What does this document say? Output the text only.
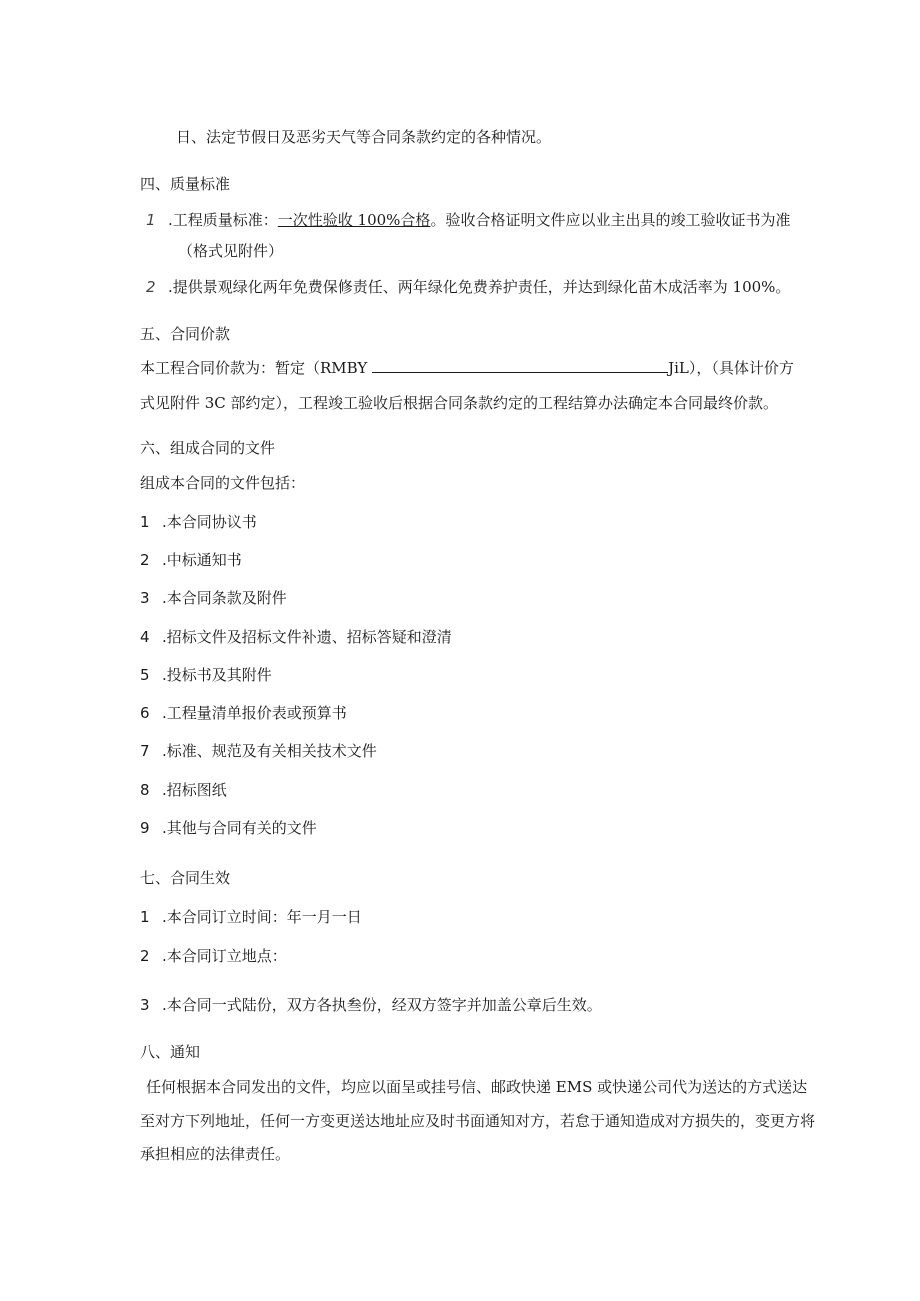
日、法定节假日及恶劣天气等合同条款约定的各种情况。
四、质量标准
1 .工程质量标准：一次性验收 100%合格。验收合格证明文件应以业主出具的竣工验收证书为准
（格式见附件）
2 .提供景观绿化两年免费保修责任、两年绿化免费养护责任，并达到绿化苗木成活率为 100%。
五、合同价款
本工程合同价款为：暂定（RMBY	JiL），（具体计价方
式见附件 3C 部约定），工程竣工验收后根据合同条款约定的工程结算办法确定本合同最终价款。
六、组成合同的文件
组成本合同的文件包括：
1 .本合同协议书
2 .中标通知书
3 .本合同条款及附件
4 .招标文件及招标文件补遗、招标答疑和澄清
5 .投标书及其附件
6 .工程量清单报价表或预算书
7 .标准、规范及有关相关技术文件
8 .招标图纸
9 .其他与合同有关的文件
七、合同生效
1 .本合同订立时间：年一月一日
2 .本合同订立地点：
3 .本合同一式陆份，双方各执叁份，经双方签字并加盖公章后生效。
八、通知
任何根据本合同发出的文件，均应以面呈或挂号信、邮政快递 EMS 或快递公司代为送达的方式送达
至对方下列地址，任何一方变更送达地址应及时书面通知对方，若怠于通知造成对方损失的，变更方将
承担相应的法律责任。
